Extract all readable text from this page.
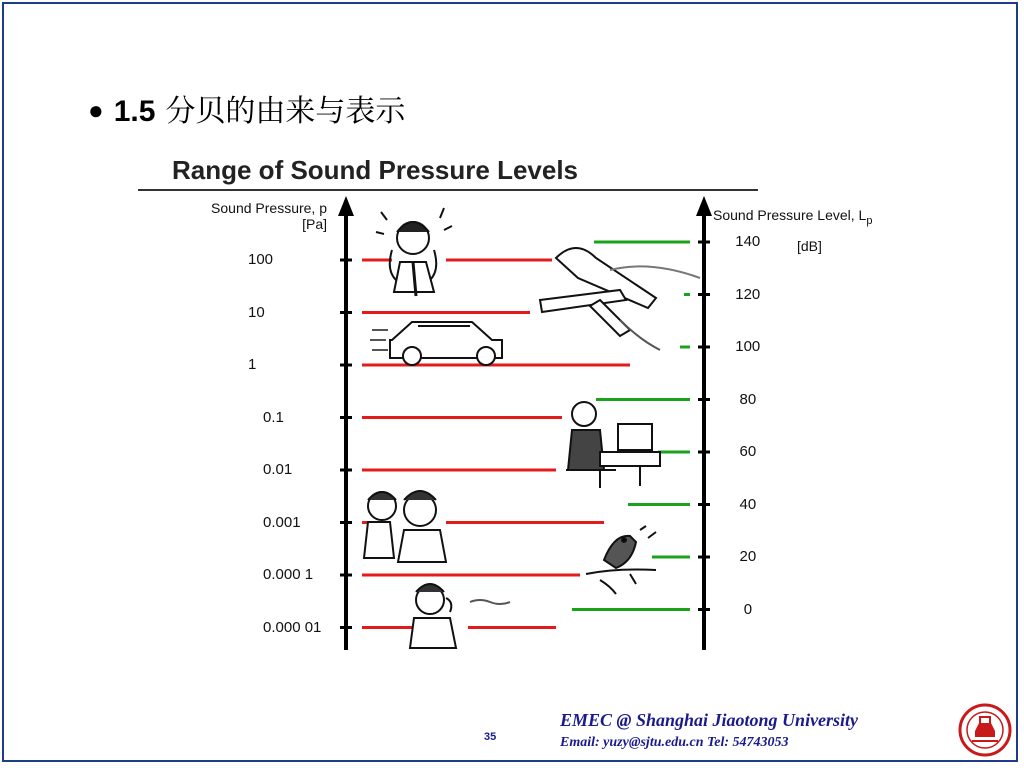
● 1.5 分贝的由来与表示
Range of Sound Pressure Levels
Sound Pressure, p
[Pa]
Sound Pressure Level, $L_p$
[dB]
100
10
1
0.1
0.01
0.001
0.000 1
0.000 01
140
120
100
80
60
40
20
0
35
EMEC @ Shanghai Jiaotong University
Email: yuzy@sjtu.edu.cn Tel: 54743053
